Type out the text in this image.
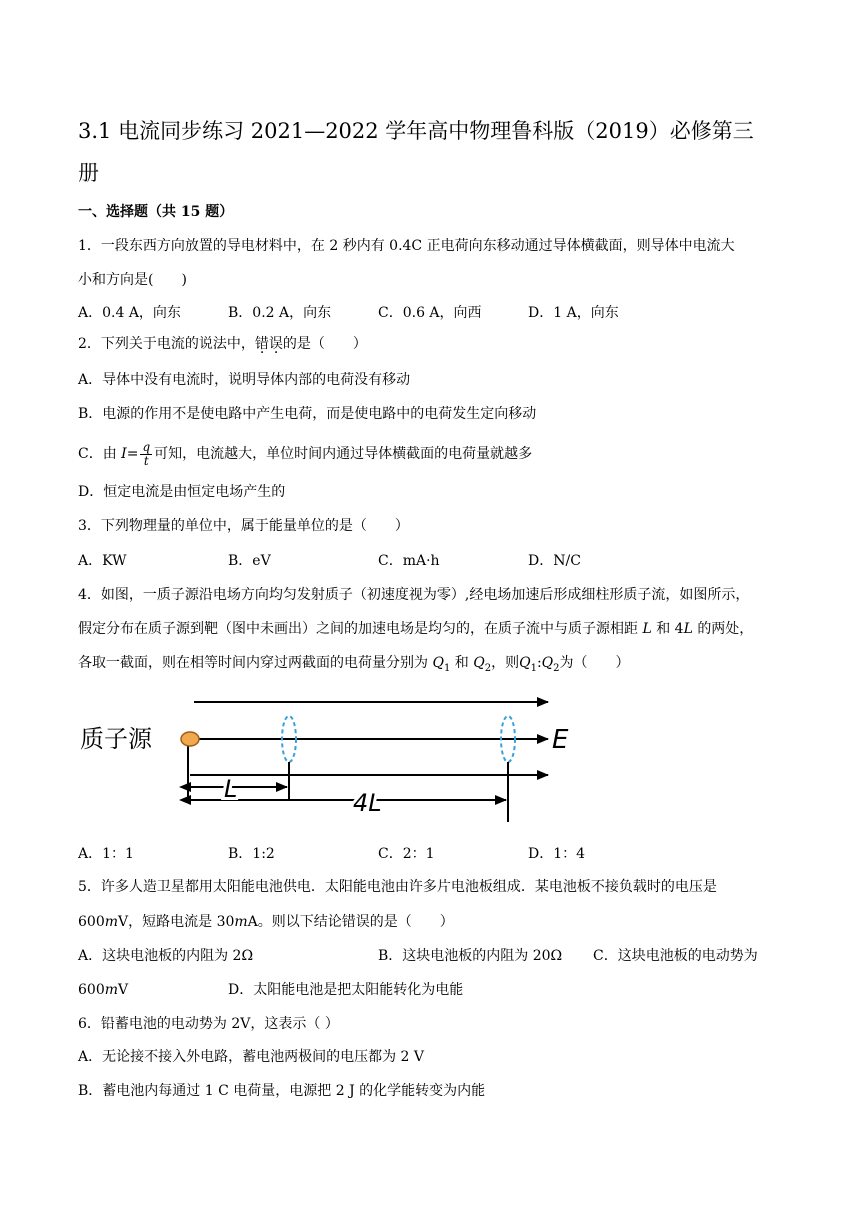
3.1 电流同步练习 2021—2022 学年高中物理鲁科版（2019）必修第三
册
一、选择题（共 15 题）
1．一段东西方向放置的导电材料中，在 2 秒内有 0.4C 正电荷向东移动通过导体横截面，则导体中电流大
小和方向是(　　)
A．0.4 A，向东	B．0.2 A，向东	C．0.6 A，向西	D．1 A，向东
2．下列关于电流的说法中，错误的是（　　）
A．导体中没有电流时，说明导体内部的电荷没有移动
B．电源的作用不是使电路中产生电荷，而是使电路中的电荷发生定向移动
C．由 $I= \frac{q}{t}$ 可知，电流越大，单位时间内通过导体横截面的电荷量就越多
D．恒定电流是由恒定电场产生的
3．下列物理量的单位中，属于能量单位的是（　　）
A．KW	B．eV	C．mA·h	D．N/C
4．如图，一质子源沿电场方向均匀发射质子（初速度视为零）,经电场加速后形成细柱形质子流，如图所示，
假定分布在质子源到靶（图中未画出）之间的加速电场是均匀的，在质子流中与质子源相距 L 和 4L 的两处，
各取一截面，则在相等时间内穿过两截面的电荷量分别为 $Q_1$ 和 $Q_2$，则$Q_1:Q_2$为（　　）
质子源
L	4L
E
A．1：1	B．1:2	C．2：1	D．1：4
5．许多人造卫星都用太阳能电池供电．太阳能电池由许多片电池板组成．某电池板不接负载时的电压是
600mV，短路电流是 30mA。则以下结论错误的是（　　）
A．这块电池板的内阻为 2Ω	B．这块电池板的内阻为 20Ω C．这块电池板的电动势为
600mV	D．太阳能电池是把太阳能转化为电能
6．铅蓄电池的电动势为 2V，这表示（ ）
A．无论接不接入外电路，蓄电池两极间的电压都为 2 V
B．蓄电池内每通过 1 C 电荷量，电源把 2 J 的化学能转变为内能
